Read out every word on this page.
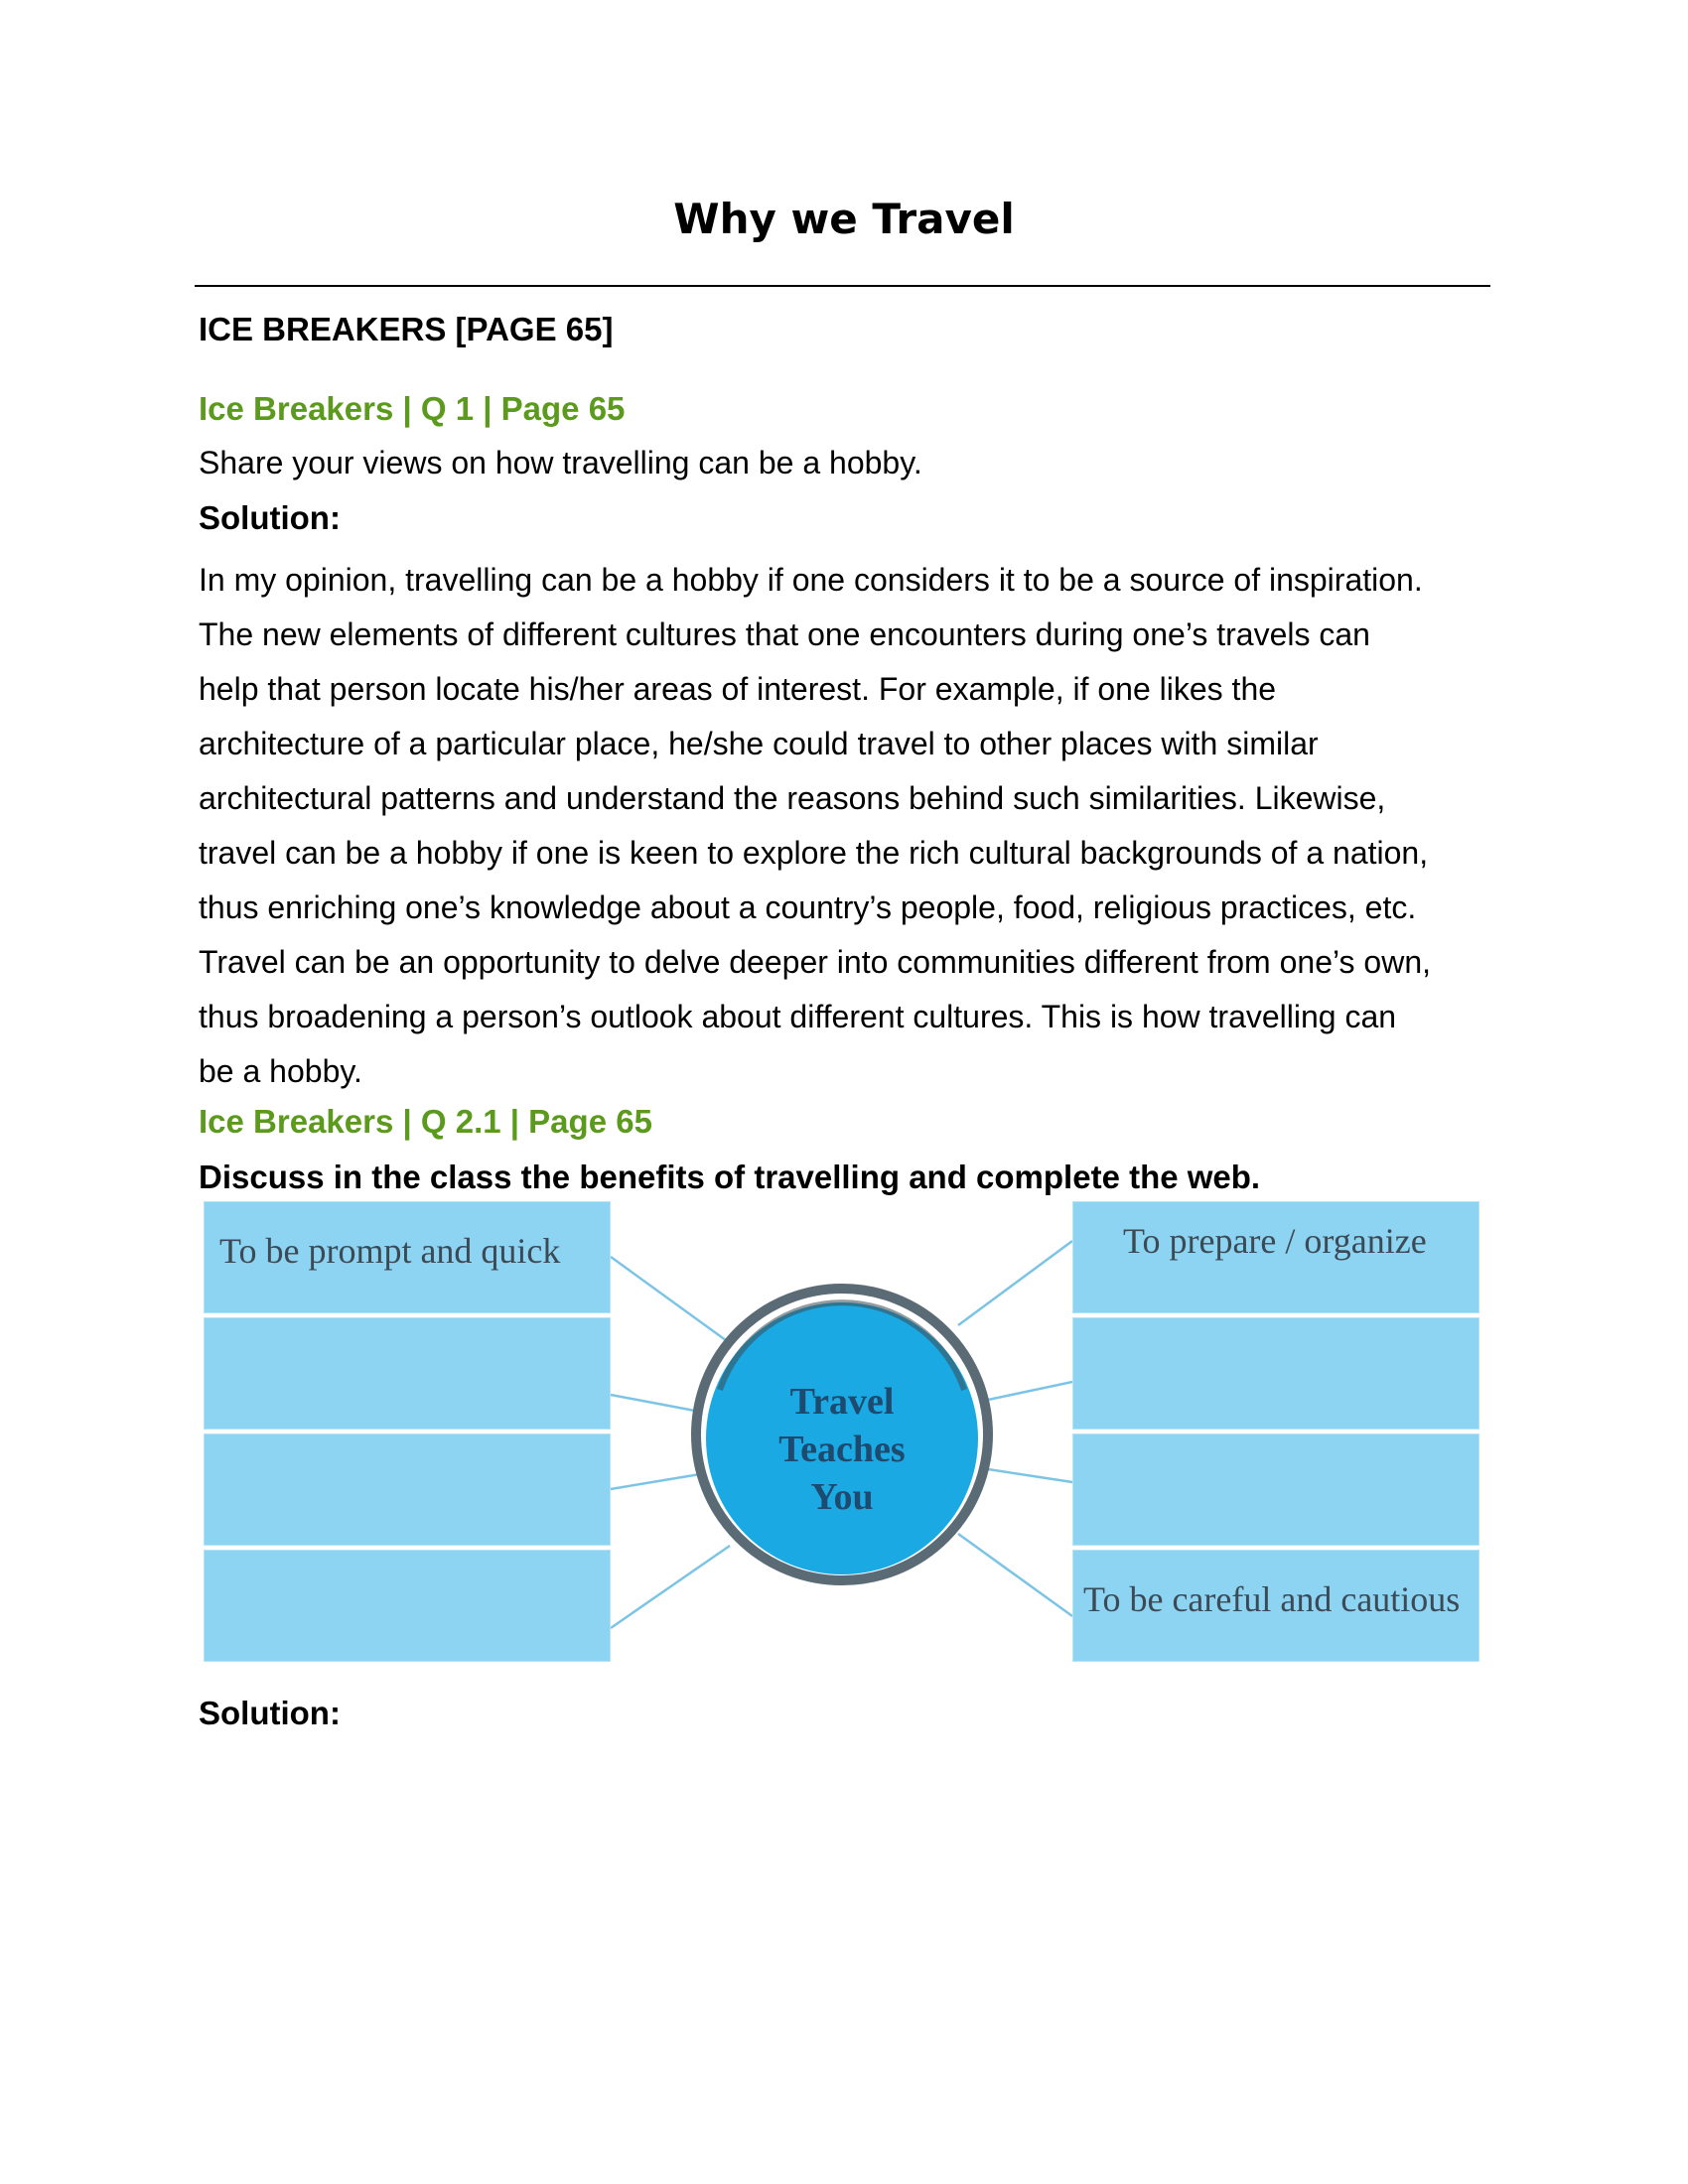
Why we Travel
ICE BREAKERS [PAGE 65]
Ice Breakers | Q 1 | Page 65
Share your views on how travelling can be a hobby.
Solution:
In my opinion, travelling can be a hobby if one considers it to be a source of inspiration.
The new elements of different cultures that one encounters during one’s travels can
help that person locate his/her areas of interest. For example, if one likes the
architecture of a particular place, he/she could travel to other places with similar
architectural patterns and understand the reasons behind such similarities. Likewise,
travel can be a hobby if one is keen to explore the rich cultural backgrounds of a nation,
thus enriching one’s knowledge about a country’s people, food, religious practices, etc.
Travel can be an opportunity to delve deeper into communities different from one’s own,
thus broadening a person’s outlook about different cultures. This is how travelling can
be a hobby.
Ice Breakers | Q 2.1 | Page 65
Discuss in the class the benefits of travelling and complete the web.
To be prompt and quick	To prepare / organize
To be careful and cautious
Travel
Teaches
You
Solution:
